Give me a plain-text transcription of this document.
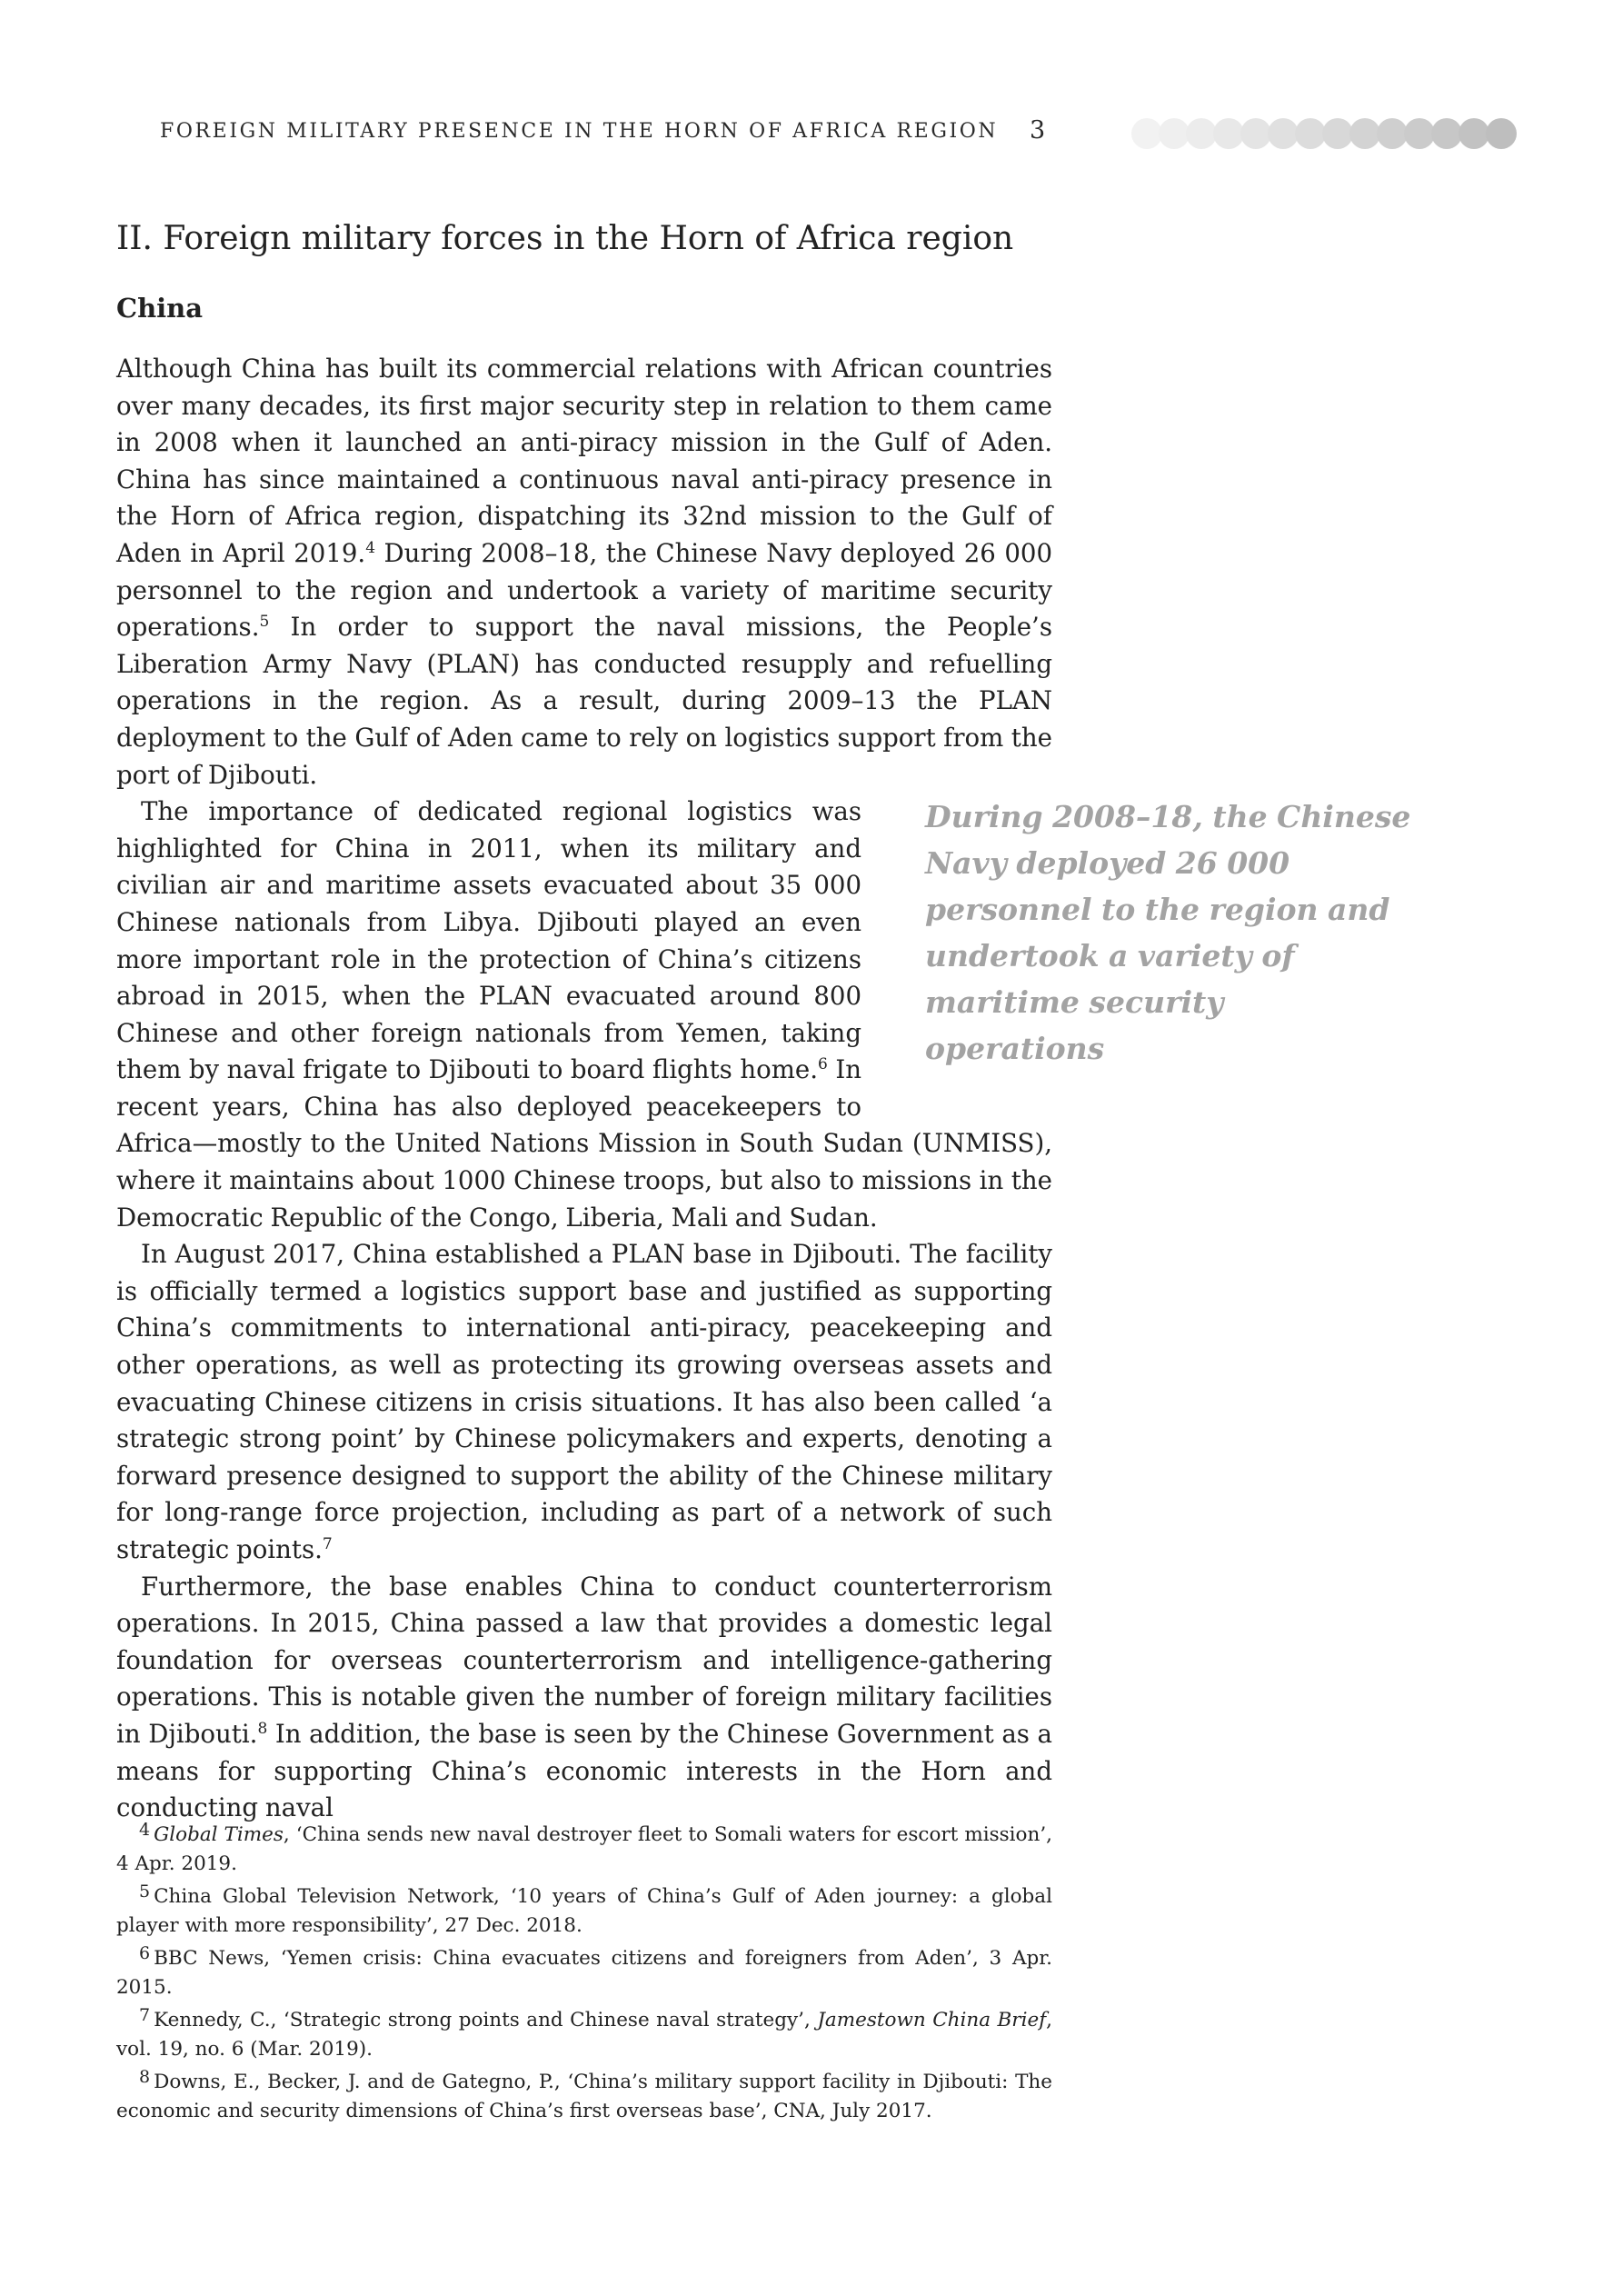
FOREIGN MILITARY PRESENCE IN THE HORN OF AFRICA REGION 3
II. Foreign military forces in the Horn of Africa region
China

Although China has built its commercial relations with African countries over many decades, its first major security step in relation to them came in 2008 when it launched an anti-piracy mission in the Gulf of Aden. China has since maintained a continuous naval anti-piracy presence in the Horn of Africa region, dispatching its 32nd mission to the Gulf of Aden in April 2019.$^4$ During 2008–18, the Chinese Navy deployed 26 000 personnel to the region and undertook a variety of maritime security operations.$^5$ In order to support the naval missions, the People’s Liberation Army Navy (PLAN) has conducted resupply and refuelling operations in the region. As a result, during 2009–13 the PLAN deployment to the Gulf of Aden came to rely on logistics support from the port of Djibouti.

During 2008–18, the Chinese Navy deployed 26 000 personnel to the region and undertook a variety of maritime security operations
The importance of dedicated regional logistics was highlighted for China in 2011, when its military and civilian air and maritime assets evacuated about 35 000 Chinese nationals from Libya. Djibouti played an even more important role in the protection of China’s citizens abroad in 2015, when the PLAN evacuated around 800 Chinese and other foreign nationals from Yemen, taking them by naval frigate to Djibouti to board flights home.$^6$ In recent years, China has also deployed peacekeepers to Africa—mostly to the United Nations Mission in South Sudan (UNMISS), where it maintains about 1000 Chinese troops, but also to missions in the Democratic Republic of the Congo, Liberia, Mali and Sudan.

In August 2017, China established a PLAN base in Djibouti. The facility is officially termed a logistics support base and justified as supporting China’s commitments to international anti-piracy, peacekeeping and other operations, as well as protecting its growing overseas assets and evacuating Chinese citizens in crisis situations. It has also been called ‘a strategic strong point’ by Chinese policymakers and experts, denoting a forward presence designed to support the ability of the Chinese military for long-range force projection, including as part of a network of such strategic points.$^7$

Furthermore, the base enables China to conduct counterterrorism operations. In 2015, China passed a law that provides a domestic legal foundation for overseas counterterrorism and intelligence-gathering operations. This is notable given the number of foreign military facilities in Djibouti.$^8$ In addition, the base is seen by the Chinese Government as a means for supporting China’s economic interests in the Horn and conducting naval

4 Global Times, ‘China sends new naval destroyer fleet to Somali waters for escort mission’, 4 Apr. 2019.

5 China Global Television Network, ‘10 years of China’s Gulf of Aden journey: a global player with more responsibility’, 27 Dec. 2018.

6 BBC News, ‘Yemen crisis: China evacuates citizens and foreigners from Aden’, 3 Apr. 2015.

7 Kennedy, C., ‘Strategic strong points and Chinese naval strategy’, Jamestown China Brief, vol. 19, no. 6 (Mar. 2019).

8 Downs, E., Becker, J. and de Gategno, P., ‘China’s military support facility in Djibouti: The economic and security dimensions of China’s first overseas base’, CNA, July 2017.
